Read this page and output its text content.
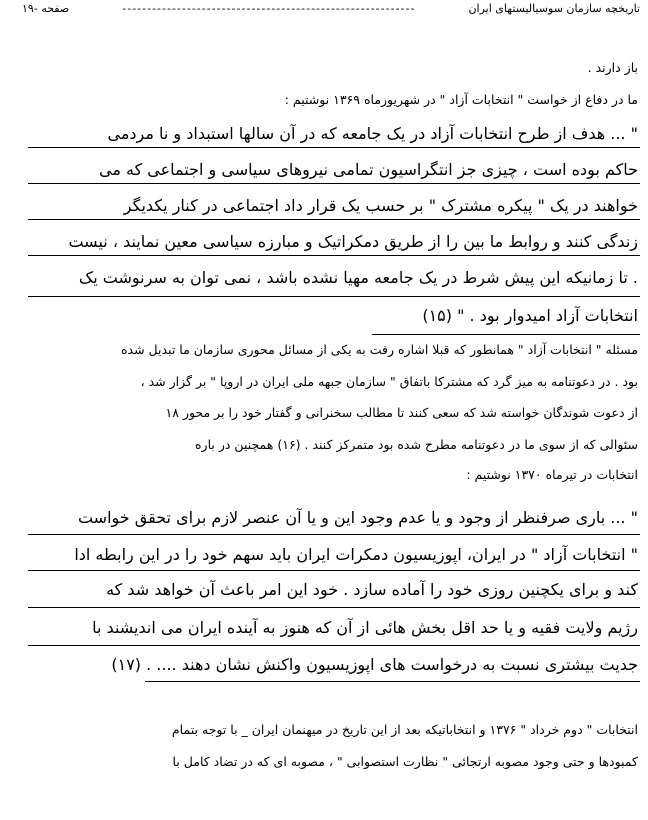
تاریخچه سازمان سوسیالیستهای ایران
-----------------------------------------------------------
صفحه -۱۹
باز دارند .
ما در دفاع از خواست " انتخابات آزاد " در شهریورماه ۱۳۶۹ نوشتیم :
" ... هدف از طرح انتخابات آزاد در یک جامعه که در آن سالها استبداد و نا مردمی
حاکم بوده است ، چیزی جز انتگراسیون تمامی نیروهای سیاسی و اجتماعی که می
خواهند در یک " پیکره مشترک " بر حسب یک قرار داد اجتماعی در کنار یکدیگر
زندگی کنند و روابط ما بین را از طریق دمکراتیک و مبارزه سیاسی معین نمایند ، نیست
. تا زمانیکه این پیش شرط در یک جامعه مهیا نشده باشد ، نمی توان به سرنوشت یک
انتخابات آزاد امیدوار بود . " (۱۵)
مسئله " انتخابات آزاد " همانطور که قبلا اشاره رفت به یکی از مسائل محوری سازمان ما تبدیل شده
بود . در دعوتنامه به میز گرد که مشترکا باتفاق " سازمان جبهه ملی ایران در اروپا " بر گزار شد ،
از دعوت شوندگان خواسته شد که سعی کنند تا مطالب سخنرانی و گفتار خود را بر محور ۱۸
سئوالی که از سوی ما در دعوتنامه مطرح شده بود متمرکز کنند . (۱۶) همچنین در باره
انتخابات در تیرماه ۱۳۷۰ نوشتیم :
" ... باری صرفنظر از وجود و یا عدم وجود این و یا آن عنصر لازم برای تحقق خواست
" انتخابات آزاد " در ایران، اپوزیسیون دمکرات ایران باید سهم خود را در این رابطه ادا
کند و برای یکچنین روزی خود را آماده سازد . خود این امر باعث آن خواهد شد که
رژیم ولایت فقیه و یا حد اقل بخش هائی از آن که هنوز به آینده ایران می اندیشند با
جدیت بیشتری نسبت به درخواست های اپوزیسیون واکنش نشان دهند .... . (۱۷)
انتخابات " دوم خرداد " ۱۳۷۶ و انتخاباتیکه بعد از این تاریخ در میهنمان ایران _ با توجه بتمام
کمبودها و حتی وجود مصوبه ارتجائی " نظارت استصوابی " ، مصوبه ای که در تضاد کامل با
